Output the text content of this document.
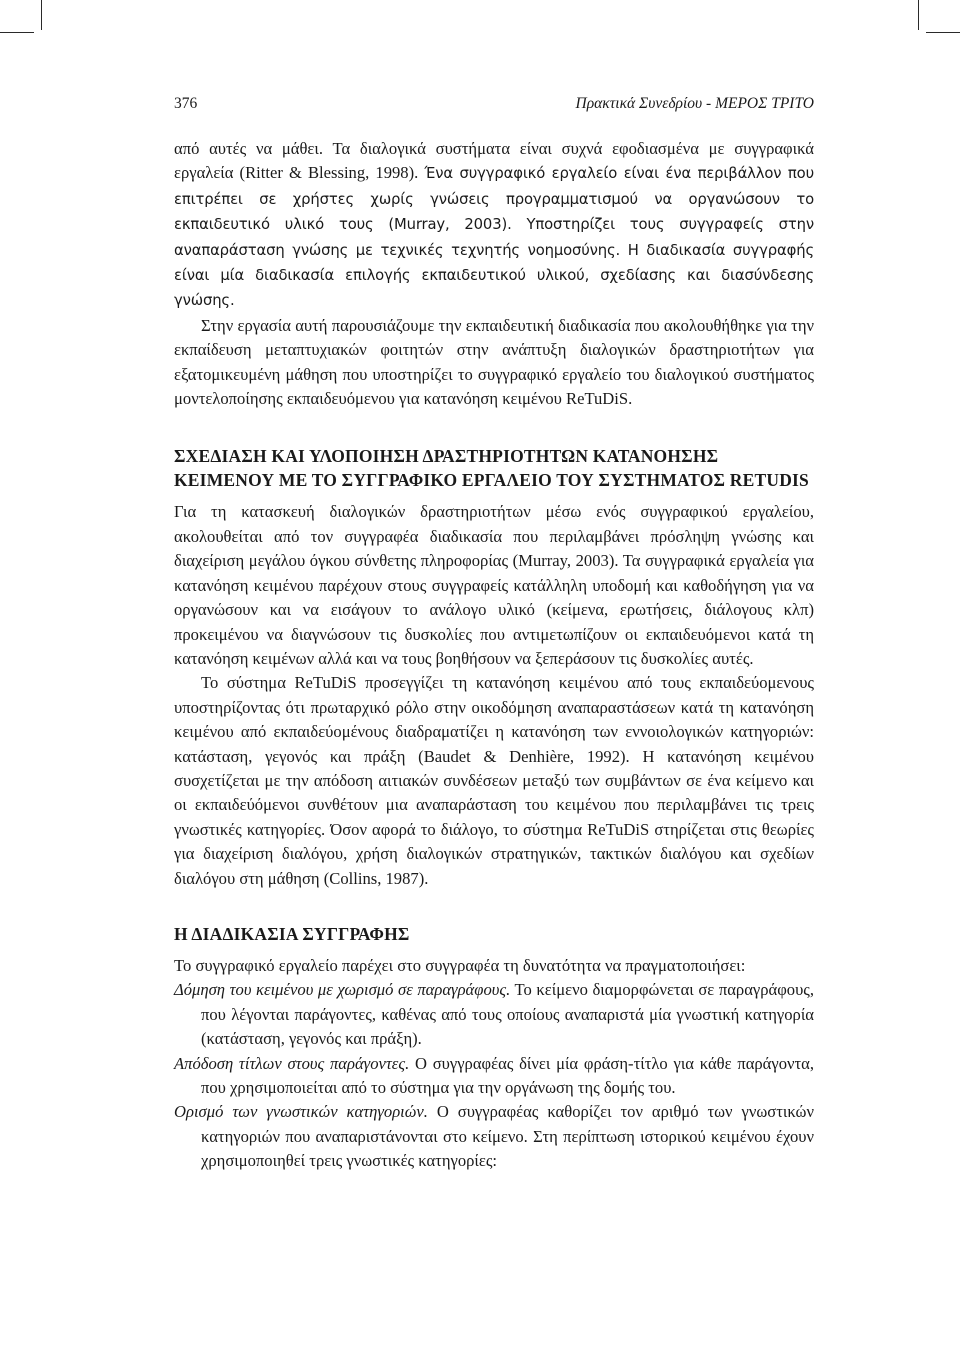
376	Πρακτικά Συνεδρίου - ΜΕΡΟΣ ΤΡΙΤΟ

από αυτές να μάθει. Τα διαλογικά συστήματα είναι συχνά εφοδιασμένα με συγγραφικά εργαλεία (Ritter & Blessing, 1998). Ένα συγγραφικό εργαλείο είναι ένα περιβάλλον που επιτρέπει σε χρήστες χωρίς γνώσεις προγραμματισμού να οργανώσουν το εκπαιδευτικό υλικό τους (Murray, 2003). Υποστηρίζει τους συγγραφείς στην αναπαράσταση γνώσης με τεχνικές τεχνητής νοημοσύνης. Η διαδικασία συγγραφής είναι μία διαδικασία επιλογής εκπαιδευτικού υλικού, σχεδίασης και διασύνδεσης γνώσης.

Στην εργασία αυτή παρουσιάζουμε την εκπαιδευτική διαδικασία που ακολουθήθηκε για την εκπαίδευση μεταπτυχιακών φοιτητών στην ανάπτυξη διαλογικών δραστηριοτήτων για εξατομικευμένη μάθηση που υποστηρίζει το συγγραφικό εργαλείο του διαλογικού συστήματος μοντελοποίησης εκπαιδευόμενου για κατανόηση κειμένου ReTuDiS.

ΣΧΕΔΙΑΣΗ ΚΑΙ ΥΛΟΠΟΙΗΣΗ ΔΡΑΣΤΗΡΙΟΤΗΤΩΝ ΚΑΤΑΝΟΗΣΗΣ ΚΕΙΜΕΝΟΥ ΜΕ ΤΟ ΣΥΓΓΡΑΦΙΚΟ ΕΡΓΑΛΕΙΟ ΤΟΥ ΣΥΣΤΗΜΑΤΟΣ RETUDIS

Για τη κατασκευή διαλογικών δραστηριοτήτων μέσω ενός συγγραφικού εργαλείου, ακολουθείται από τον συγγραφέα διαδικασία που περιλαμβάνει πρόσληψη γνώσης και διαχείριση μεγάλου όγκου σύνθετης πληροφορίας (Murray, 2003). Τα συγγραφικά εργαλεία για κατανόηση κειμένου παρέχουν στους συγγραφείς κατάλληλη υποδομή και καθοδήγηση για να οργανώσουν και να εισάγουν το ανάλογο υλικό (κείμενα, ερωτήσεις, διάλογους κλπ) προκειμένου να διαγνώσουν τις δυσκολίες που αντιμετωπίζουν οι εκπαιδευόμενοι κατά τη κατανόηση κειμένων αλλά και να τους βοηθήσουν να ξεπεράσουν τις δυσκολίες αυτές.

Το σύστημα ReTuDiS προσεγγίζει τη κατανόηση κειμένου από τους εκπαιδεύομενους υποστηρίζοντας ότι πρωταρχικό ρόλο στην οικοδόμηση αναπαραστάσεων κατά τη κατανόηση κειμένου από εκπαιδεύομένους διαδραματίζει η κατανόηση των εννοιολογικών κατηγοριών: κατάσταση, γεγονός και πράξη (Baudet & Denhière, 1992). Η κατανόηση κειμένου συσχετίζεται με την απόδοση αιτιακών συνδέσεων μεταξύ των συμβάντων σε ένα κείμενο και οι εκπαιδεύόμενοι συνθέτουν μια αναπαράσταση του κειμένου που περιλαμβάνει τις τρεις γνωστικές κατηγορίες. Όσον αφορά το διάλογο, το σύστημα ReTuDiS στηρίζεται στις θεωρίες για διαχείριση διαλόγου, χρήση διαλογικών στρατηγικών, τακτικών διαλόγου και σχεδίων διαλόγου στη μάθηση (Collins, 1987).

Η ΔΙΑΔΙΚΑΣΙΑ ΣΥΓΓΡΑΦΗΣ

Το συγγραφικό εργαλείο παρέχει στο συγγραφέα τη δυνατότητα να πραγματοποιήσει:

Δόμηση του κειμένου με χωρισμό σε παραγράφους. Το κείμενο διαμορφώνεται σε παραγράφους, που λέγονται παράγοντες, καθένας από τους οποίους αναπαριστά μία γνωστική κατηγορία (κατάσταση, γεγονός και πράξη).

Απόδοση τίτλων στους παράγοντες. Ο συγγραφέας δίνει μία φράση-τίτλο για κάθε παράγοντα, που χρησιμοποιείται από το σύστημα για την οργάνωση της δομής του.

Ορισμό των γνωστικών κατηγοριών. Ο συγγραφέας καθορίζει τον αριθμό των γνωστικών κατηγοριών που αναπαριστάνονται στο κείμενο. Στη περίπτωση ιστορικού κειμένου έχουν χρησιμοποιηθεί τρεις γνωστικές κατηγορίες:
